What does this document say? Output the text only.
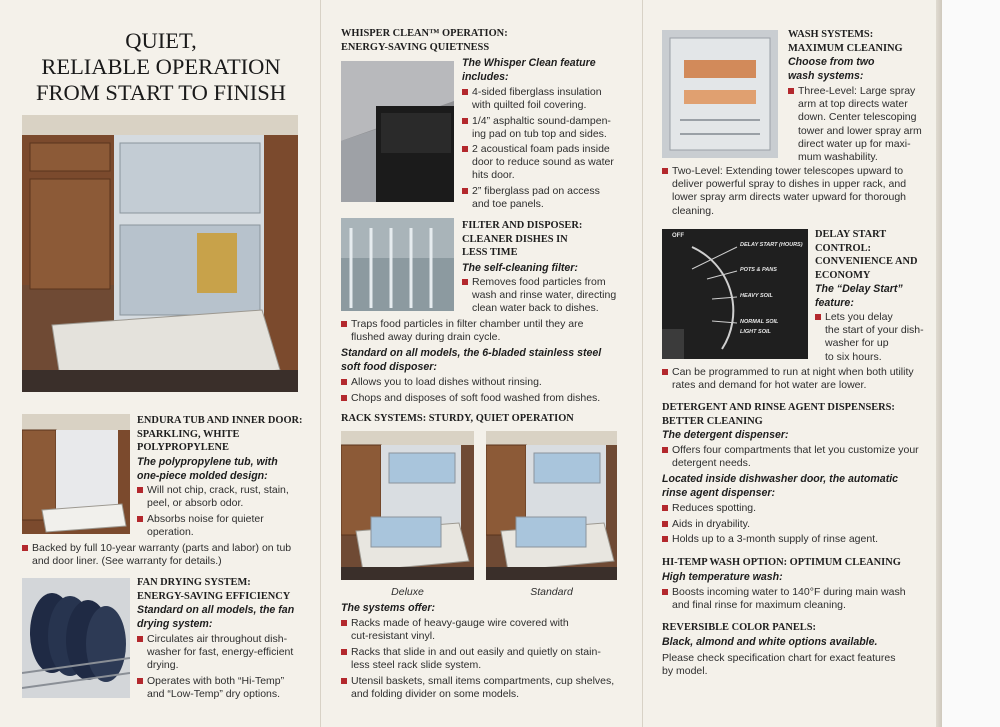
QUIET,
RELIABLE OPERATION
FROM START TO FINISH
ENDURA TUB AND INNER DOOR:
SPARKLING, WHITE
POLYPROPYLENE
The polypropylene tub, with
one-piece molded design:
Will not chip, crack, rust, stain,
peel, or absorb odor.
Absorbs noise for quieter
operation.
Backed by full 10-year warranty (parts and labor) on tub
and door liner. (See warranty for details.)
FAN DRYING SYSTEM:
ENERGY-SAVING EFFICIENCY
Standard on all models, the fan
drying system:
Circulates air throughout dish-
washer for fast, energy-efficient
drying.
Operates with both “Hi-Temp”
and “Low-Temp” dry options.
WHISPER CLEAN™ OPERATION:
ENERGY-SAVING QUIETNESS
The Whisper Clean feature
includes:
4-sided fiberglass insulation
with quilted foil covering.
1/4” asphaltic sound-dampen-
ing pad on tub top and sides.
2 acoustical foam pads inside
door to reduce sound as water
hits door.
2” fiberglass pad on access
and toe panels.
FILTER AND DISPOSER:
CLEANER DISHES IN
LESS TIME
The self-cleaning filter:
Removes food particles from
wash and rinse water, directing
clean water back to dishes.
Traps food particles in filter chamber until they are
flushed away during drain cycle.
Standard on all models, the 6-bladed stainless steel
soft food disposer:
Allows you to load dishes without rinsing.
Chops and disposes of soft food washed from dishes.
RACK SYSTEMS: STURDY, QUIET OPERATION
Deluxe	Standard
The systems offer:
Racks made of heavy-gauge wire covered with
cut-resistant vinyl.
Racks that slide in and out easily and quietly on stain-
less steel rack slide system.
Utensil baskets, small items compartments, cup shelves,
and folding divider on some models.
WASH SYSTEMS:
MAXIMUM CLEANING
Choose from two
wash systems:
Three-Level: Large spray
arm at top directs water
down. Center telescoping
tower and lower spray arm
direct water up for maxi-
mum washability.
Two-Level: Extending tower telescopes upward to
deliver powerful spray to dishes in upper rack, and
lower spray arm directs water upward for thorough
cleaning.
OFF
DELAY START (HOURS)
POTS & PANS
HEAVY SOIL
NORMAL SOIL
LIGHT SOIL
DELAY START
CONTROL:
CONVENIENCE AND
ECONOMY
The “Delay Start”
feature:
Lets you delay
the start of your dish-
washer for up
to six hours.
Can be programmed to run at night when both utility
rates and demand for hot water are lower.
DETERGENT AND RINSE AGENT DISPENSERS:
BETTER CLEANING
The detergent dispenser:
Offers four compartments that let you customize your
detergent needs.
Located inside dishwasher door, the automatic
rinse agent dispenser:
Reduces spotting.
Aids in dryability.
Holds up to a 3-month supply of rinse agent.
HI-TEMP WASH OPTION: OPTIMUM CLEANING
High temperature wash:
Boosts incoming water to 140°F during main wash
and final rinse for maximum cleaning.
REVERSIBLE COLOR PANELS:
Black, almond and white options available.
Please check specification chart for exact features
by model.
